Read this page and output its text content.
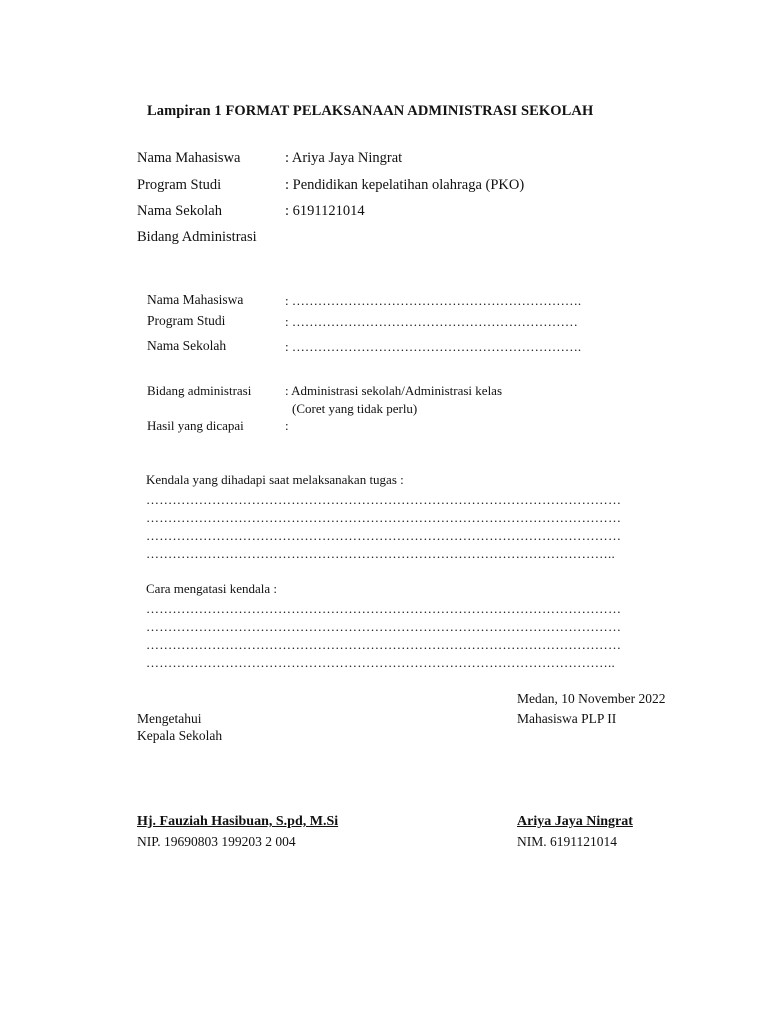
Lampiran 1 FORMAT PELAKSANAAN ADMINISTRASI SEKOLAH
Nama Mahasiswa	: Ariya Jaya Ningrat
Program Studi	: Pendidikan kepelatihan olahraga (PKO)
Nama Sekolah	: 6191121014
Bidang Administrasi
Nama Mahasiswa	: ………………………………………………………….
Program Studi	: …………………………………………………………
Nama Sekolah	: ………………………………………………………….
Bidang administrasi	: Administrasi sekolah/Administrasi kelas
(Coret yang tidak perlu)
Hasil yang dicapai	:
Kendala yang dihadapi saat melaksanakan tugas :
………………………………………………………………………………………………
………………………………………………………………………………………………
………………………………………………………………………………………………
……………………………………………………………………………………………..
Cara mengatasi kendala :
………………………………………………………………………………………………
………………………………………………………………………………………………
………………………………………………………………………………………………
……………………………………………………………………………………………..
Medan, 10 November 2022
Mengetahui	Mahasiswa PLP II
Kepala Sekolah
Hj. Fauziah Hasibuan, S.pd, M.Si	Ariya Jaya Ningrat
NIP. 19690803 199203 2 004	NIM. 6191121014
